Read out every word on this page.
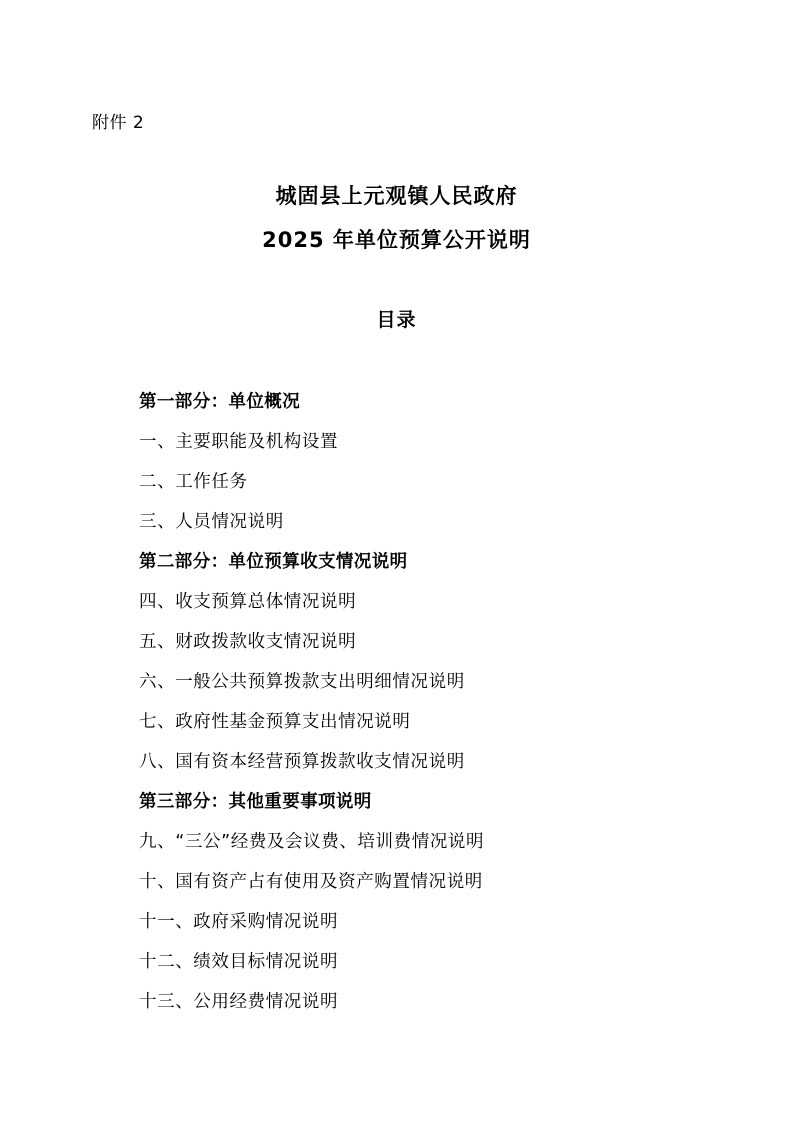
附件 2
城固县上元观镇人民政府
2025 年单位预算公开说明
目录
第一部分：单位概况
一、主要职能及机构设置
二、工作任务
三、人员情况说明
第二部分：单位预算收支情况说明
四、收支预算总体情况说明
五、财政拨款收支情况说明
六、一般公共预算拨款支出明细情况说明
七、政府性基金预算支出情况说明
八、国有资本经营预算拨款收支情况说明
第三部分：其他重要事项说明
九、“三公”经费及会议费、培训费情况说明
十、国有资产占有使用及资产购置情况说明
十一、政府采购情况说明
十二、绩效目标情况说明
十三、公用经费情况说明
